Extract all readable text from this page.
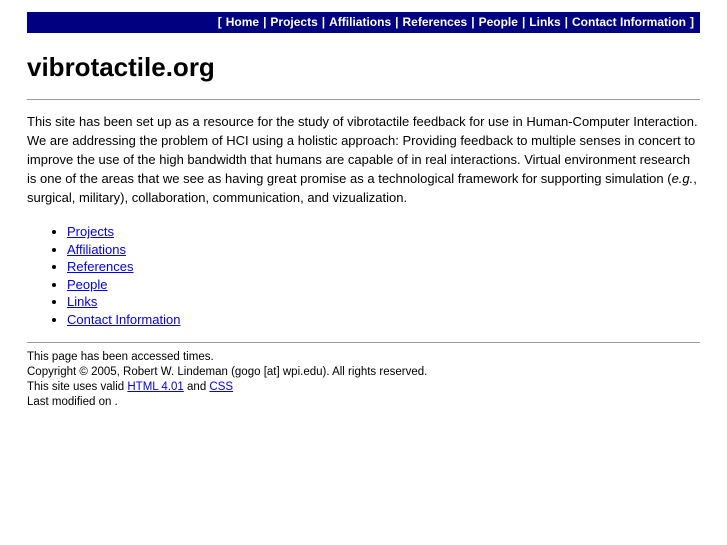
[ Home | Projects | Affiliations | References | People | Links | Contact Information ]
vibrotactile.org

This site has been set up as a resource for the study of vibrotactile feedback for use in Human-Computer Interaction. We are addressing the problem of HCI using a holistic approach: Providing feedback to multiple senses in concert to improve the use of the high bandwidth that humans are capable of in real interactions. Virtual environment research is one of the areas that we see as having great promise as a technological framework for supporting simulation (e.g., surgical, military), collaboration, communication, and vizualization.

• Projects
• Affiliations
• References
• People
• Links
• Contact Information
This page has been accessed times.
Copyright © 2005, Robert W. Lindeman (gogo [at] wpi.edu). All rights reserved.
This site uses valid HTML 4.01 and CSS
Last modified on .
